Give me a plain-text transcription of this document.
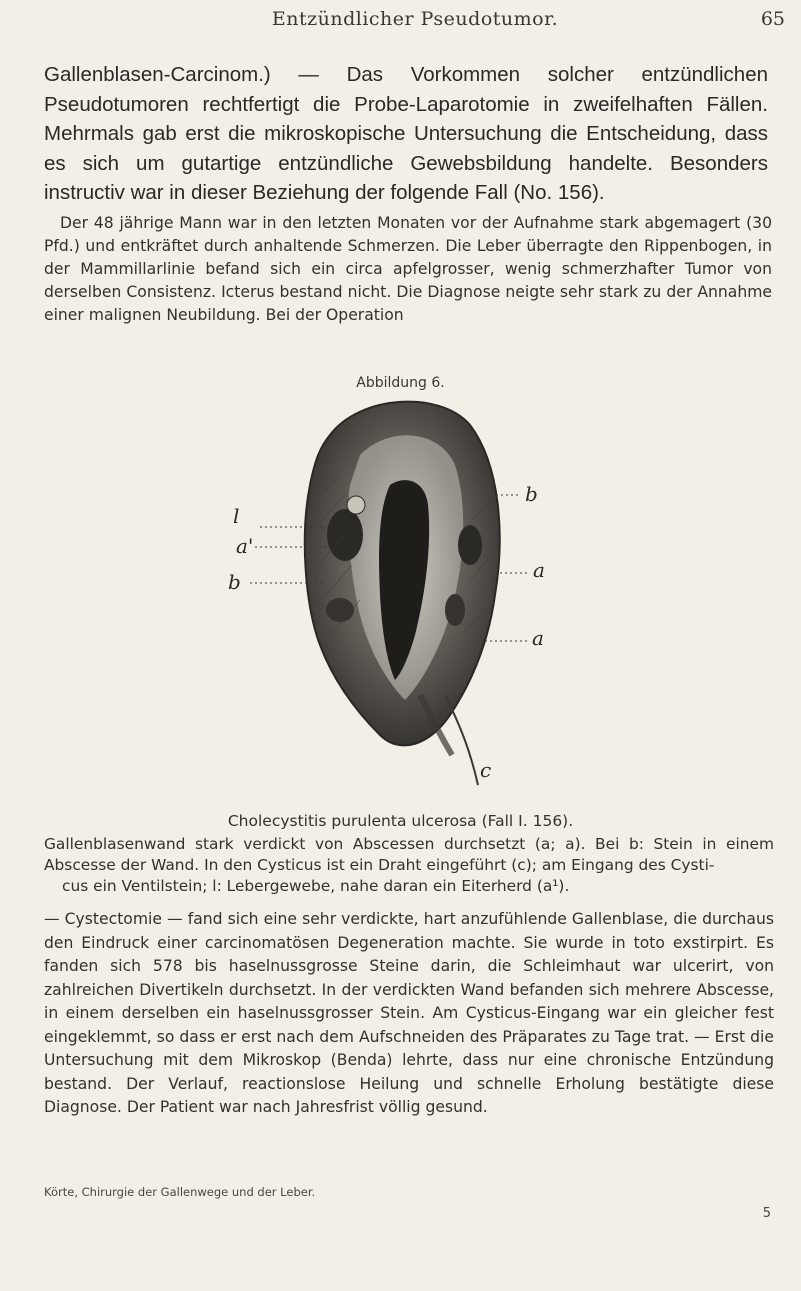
Entzündlicher Pseudotumor.	65

Gallenblasen-Carcinom.) — Das Vorkommen solcher entzündlichen Pseudotumoren rechtfertigt die Probe-Laparotomie in zweifelhaften Fällen. Mehrmals gab erst die mikroskopische Untersuchung die Entscheidung, dass es sich um gutartige entzündliche Gewebsbildung handelte. Besonders instructiv war in dieser Beziehung der folgende Fall (No. 156).

Der 48 jährige Mann war in den letzten Monaten vor der Aufnahme stark abgemagert (30 Pfd.) und entkräftet durch anhaltende Schmerzen. Die Leber überragte den Rippenbogen, in der Mammillarlinie befand sich ein circa apfelgrosser, wenig schmerzhafter Tumor von derselben Consistenz. Icterus bestand nicht. Die Diagnose neigte sehr stark zu der Annahme einer malignen Neubildung. Bei der Operation

Abbildung 6.
b
a
a
l
a'
b
c
Cholecystitis purulenta ulcerosa (Fall I. 156).
Gallenblasenwand stark verdickt von Abscessen durchsetzt (a; a). Bei b: Stein in einem Abscesse der Wand. In den Cysticus ist ein Draht eingeführt (c); am Eingang des Cysti-
cus ein Ventilstein; l: Lebergewebe, nahe daran ein Eiterherd (a¹).

— Cystectomie — fand sich eine sehr verdickte, hart anzufühlende Gallenblase, die durchaus den Eindruck einer carcinomatösen Degeneration machte. Sie wurde in toto exstirpirt. Es fanden sich 578 bis haselnussgrosse Steine darin, die Schleimhaut war ulcerirt, von zahlreichen Divertikeln durchsetzt. In der verdickten Wand befanden sich mehrere Abscesse, in einem derselben ein haselnussgrosser Stein. Am Cysticus-Eingang war ein gleicher fest eingeklemmt, so dass er erst nach dem Aufschneiden des Präparates zu Tage trat. — Erst die Untersuchung mit dem Mikroskop (Benda) lehrte, dass nur eine chronische Entzündung bestand. Der Verlauf, reactionslose Heilung und schnelle Erholung bestätigte diese Diagnose. Der Patient war nach Jahresfrist völlig gesund.

Körte, Chirurgie der Gallenwege und der Leber.
5
